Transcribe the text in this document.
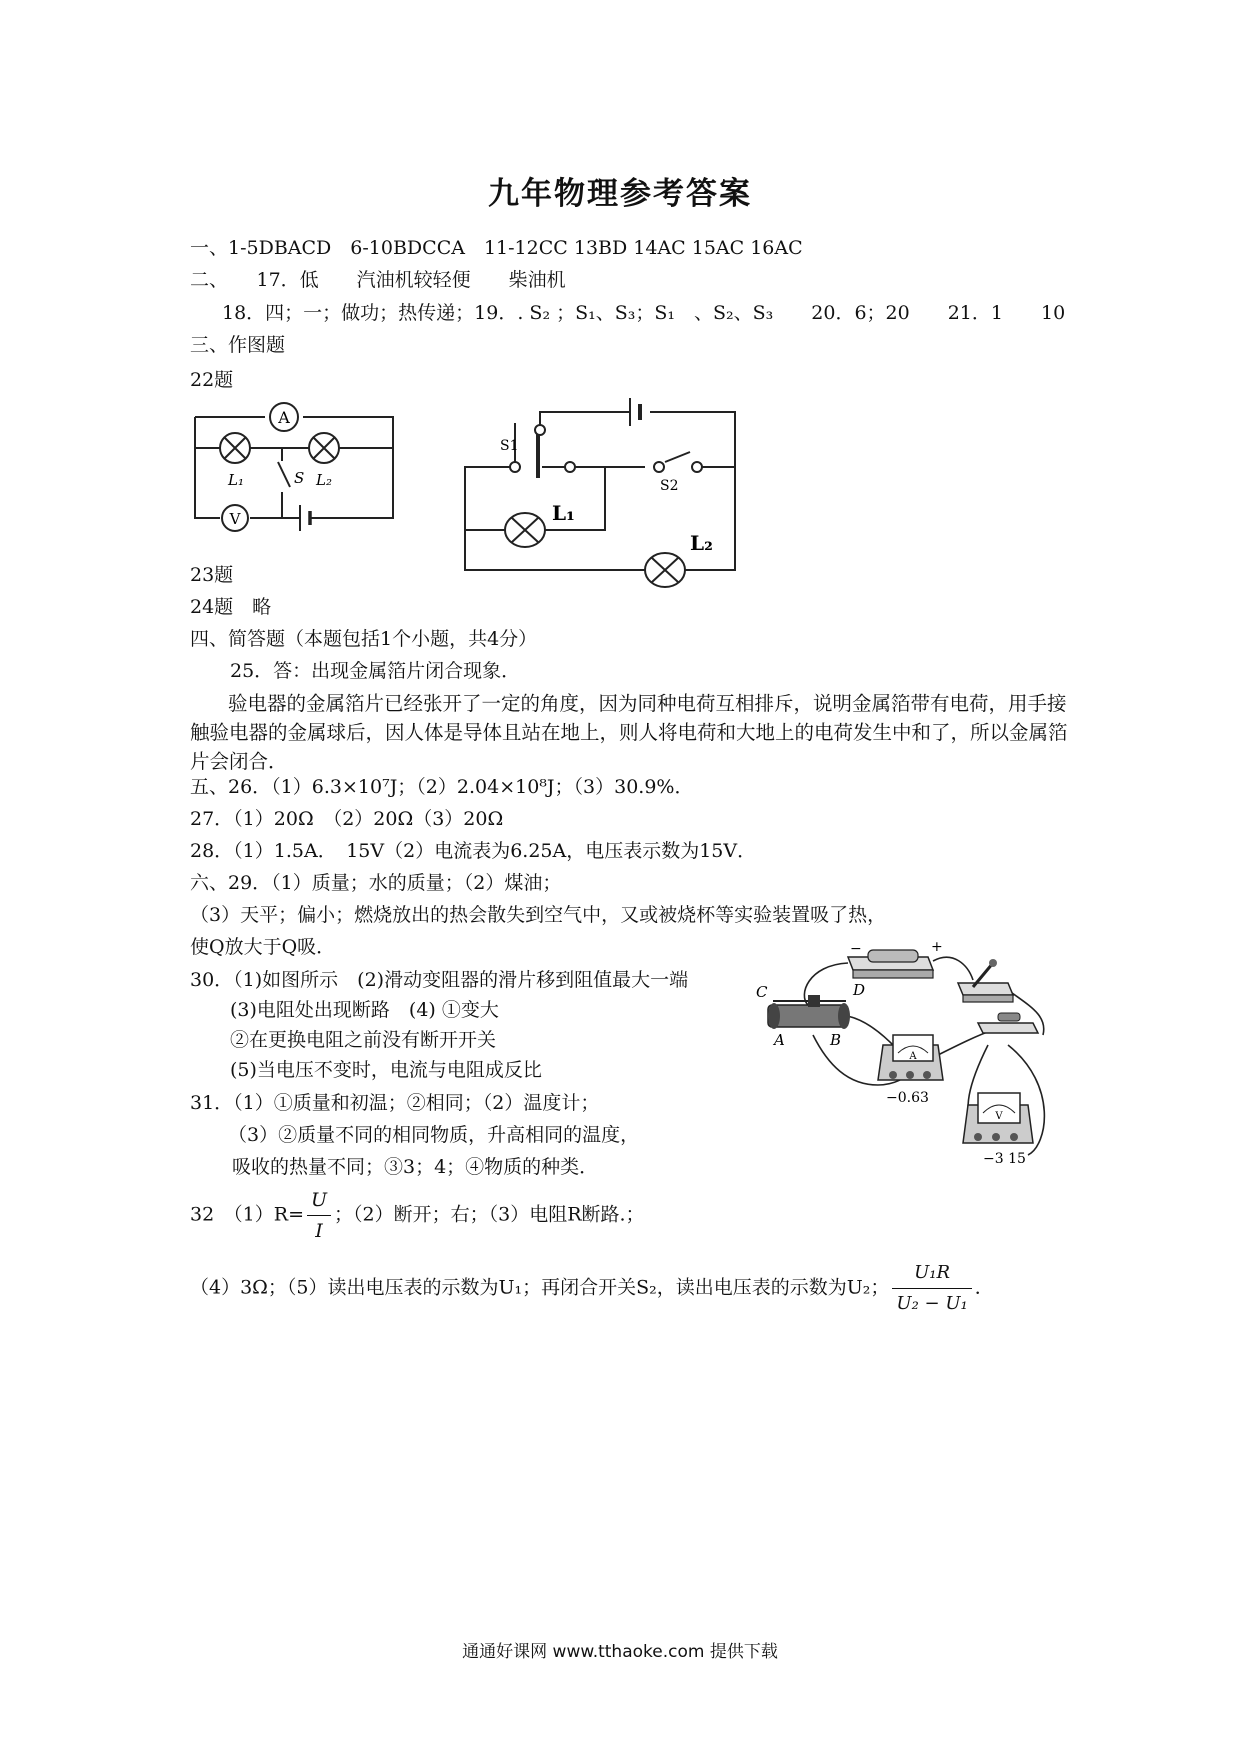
九年物理参考答案
一、1-5DBACD　6-10BDCCA　11-12CC 13BD 14AC 15AC 16AC
二、　　17．低　　汽油机较轻便　　柴油机
18．四；一；做功；热传递；19．. S₂ ；S₁、S₃；S₁　、S₂、S₃　　20．6；20　　21．1　　10
三、作图题
22题
A
L₁	L₂
S
V
S1
S2
L₁
L₂
23题
24题　略
四、简答题（本题包括1个小题，共4分）
25．答：出现金属箔片闭合现象．
验电器的金属箔片已经张开了一定的角度，因为同种电荷互相排斥，说明金属箔带有电荷，用手接触验电器的金属球后，因人体是导体且站在地上，则人将电荷和大地上的电荷发生中和了，所以金属箔片会闭合．
五、26．（1）6.3×10⁷J；（2）2.04×10⁸J；（3）30.9%．
27．（1）20Ω　（2）20Ω（3）20Ω
28．（1）1.5A．　15V（2）电流表为6.25A，电压表示数为15V．
六、29．（1）质量；水的质量；（2）煤油；
（3）天平；偏小；燃烧放出的热会散失到空气中，又或被烧杯等实验装置吸了热，
使Q放大于Q吸．
30．（1)如图所示　(2)滑动变阻器的滑片移到阻值最大一端
(3)电阻处出现断路　(4) ①变大
②在更换电阻之前没有断开开关
(5)当电压不变时，电流与电阻成反比
−	+
C	D
A	B
A
−0.63
V
−3 15
31．（1）①质量和初温；②相同；（2）温度计；
（3）②质量不同的相同物质，升高相同的温度，
吸收的热量不同；③3；4；④物质的种类．
32　$(1)R= \frac{U}{I}$ ；（2）断开；右；（3）电阻R断路.；
（4）3Ω；（5）读出电压表的示数为U₁；再闭合开关S₂，读出电压表的示数为U₂； $\frac{\text{U₁R}}{\text{U₂ − U₁}}$ ．
通通好课网 www.tthaoke.com 提供下载
